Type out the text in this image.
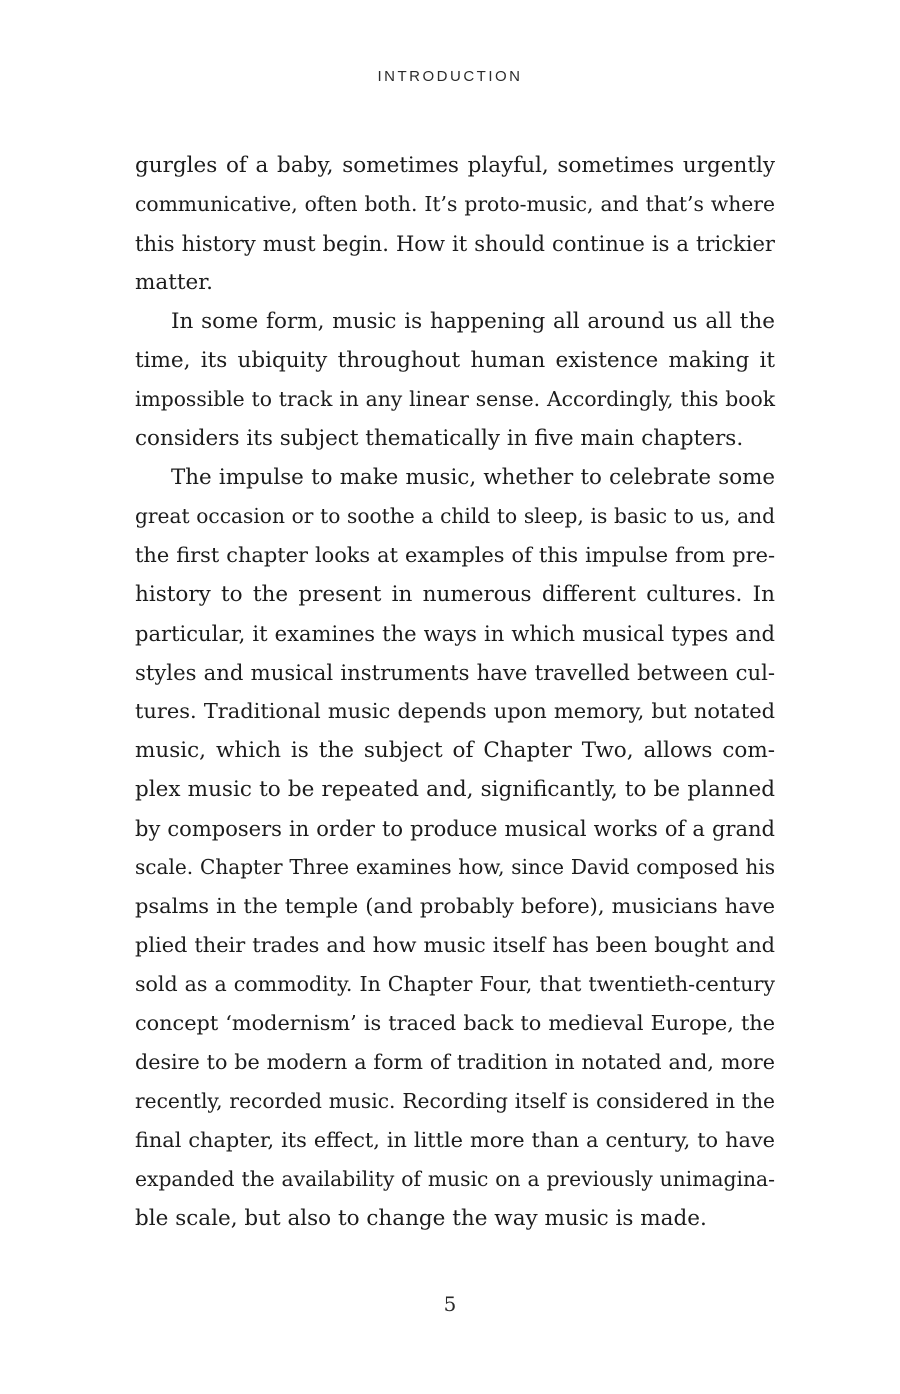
INTRODUCTION
gurgles of a baby, sometimes playful, sometimes urgently
communicative, often both. It’s proto-music, and that’s where
this history must begin. How it should continue is a trickier
matter.
In some form, music is happening all around us all the
time, its ubiquity throughout human existence making it
impossible to track in any linear sense. Accordingly, this book
considers its subject thematically in five main chapters.
The impulse to make music, whether to celebrate some
great occasion or to soothe a child to sleep, is basic to us, and
the first chapter looks at examples of this impulse from pre-
history to the present in numerous different cultures. In
particular, it examines the ways in which musical types and
styles and musical instruments have travelled between cul-
tures. Traditional music depends upon memory, but notated
music, which is the subject of Chapter Two, allows com-
plex music to be repeated and, significantly, to be planned
by composers in order to produce musical works of a grand
scale. Chapter Three examines how, since David composed his
psalms in the temple (and probably before), musicians have
plied their trades and how music itself has been bought and
sold as a commodity. In Chapter Four, that twentieth-century
concept ‘modernism’ is traced back to medieval Europe, the
desire to be modern a form of tradition in notated and, more
recently, recorded music. Recording itself is considered in the
final chapter, its effect, in little more than a century, to have
expanded the availability of music on a previously unimagina-
ble scale, but also to change the way music is made.
5
